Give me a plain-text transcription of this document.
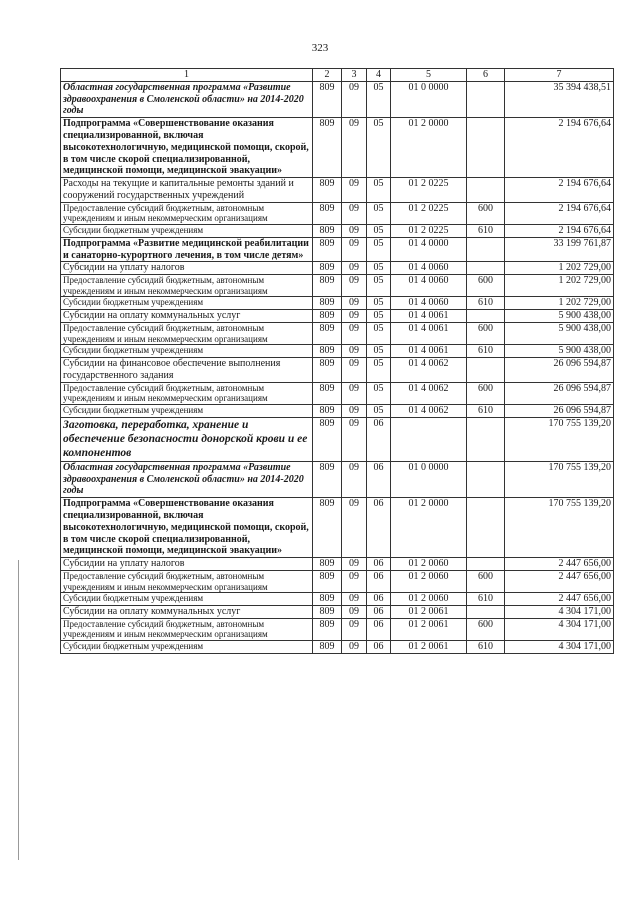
323
1	2	3	4	5	6	7
Областная государственная программа «Развитие здравоохранения в Смоленской области» на 2014-2020 годы	809	09	05	01 0 0000		35 394 438,51
Подпрограмма «Совершенствование оказания специализированной, включая высокотехнологичную, медицинской помощи, скорой, в том числе скорой специализированной, медицинской помощи, медицинской эвакуации»	809	09	05	01 2 0000		2 194 676,64
Расходы на текущие и капитальные ремонты зданий и сооружений государственных учреждений	809	09	05	01 2 0225		2 194 676,64
Предоставление субсидий бюджетным, автономным учреждениям и иным некоммерческим организациям	809	09	05	01 2 0225	600	2 194 676,64
Субсидии бюджетным учреждениям	809	09	05	01 2 0225	610	2 194 676,64
Подпрограмма «Развитие медицинской реабилитации и санаторно-курортного лечения, в том числе детям»	809	09	05	01 4 0000		33 199 761,87
Субсидии на уплату налогов	809	09	05	01 4 0060		1 202 729,00
Предоставление субсидий бюджетным, автономным учреждениям и иным некоммерческим организациям	809	09	05	01 4 0060	600	1 202 729,00
Субсидии бюджетным учреждениям	809	09	05	01 4 0060	610	1 202 729,00
Субсидии на оплату коммунальных услуг	809	09	05	01 4 0061		5 900 438,00
Предоставление субсидий бюджетным, автономным учреждениям и иным некоммерческим организациям	809	09	05	01 4 0061	600	5 900 438,00
Субсидии бюджетным учреждениям	809	09	05	01 4 0061	610	5 900 438,00
Субсидии на финансовое обеспечение выполнения государственного задания	809	09	05	01 4 0062		26 096 594,87
Предоставление субсидий бюджетным, автономным учреждениям и иным некоммерческим организациям	809	09	05	01 4 0062	600	26 096 594,87
Субсидии бюджетным учреждениям	809	09	05	01 4 0062	610	26 096 594,87
Заготовка, переработка, хранение и обеспечение безопасности донорской крови и ее компонентов	809	09	06			170 755 139,20
Областная государственная программа «Развитие здравоохранения в Смоленской области» на 2014-2020 годы	809	09	06	01 0 0000		170 755 139,20
Подпрограмма «Совершенствование оказания специализированной, включая высокотехнологичную, медицинской помощи, скорой, в том числе скорой специализированной, медицинской помощи, медицинской эвакуации»	809	09	06	01 2 0000		170 755 139,20
Субсидии на уплату налогов	809	09	06	01 2 0060		2 447 656,00
Предоставление субсидий бюджетным, автономным учреждениям и иным некоммерческим организациям	809	09	06	01 2 0060	600	2 447 656,00
Субсидии бюджетным учреждениям	809	09	06	01 2 0060	610	2 447 656,00
Субсидии на оплату коммунальных услуг	809	09	06	01 2 0061		4 304 171,00
Предоставление субсидий бюджетным, автономным учреждениям и иным некоммерческим организациям	809	09	06	01 2 0061	600	4 304 171,00
Субсидии бюджетным учреждениям	809	09	06	01 2 0061	610	4 304 171,00
